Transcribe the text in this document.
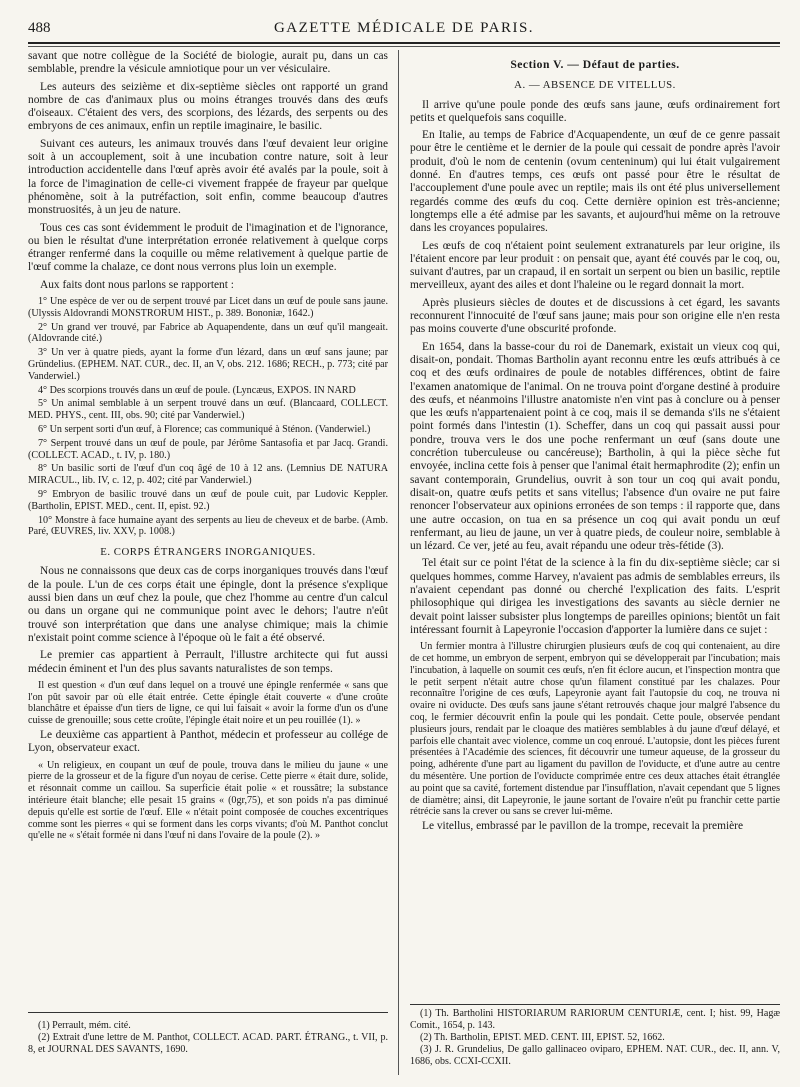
488	GAZETTE MÉDICALE DE PARIS.

savant que notre collègue de la Société de biologie, aurait pu, dans un cas semblable, prendre la vésicule amniotique pour un ver vésiculaire.

Les auteurs des seizième et dix-septième siècles ont rapporté un grand nombre de cas d'animaux plus ou moins étranges trouvés dans des œufs d'oiseaux. C'étaient des vers, des scorpions, des lézards, des serpents ou des embryons de ces animaux, enfin un reptile imaginaire, le basilic.

Suivant ces auteurs, les animaux trouvés dans l'œuf devaient leur origine soit à un accouplement, soit à une incubation contre nature, soit à leur introduction accidentelle dans l'œuf après avoir été avalés par la poule, soit à la force de l'imagination de celle-ci vivement frappée de frayeur par quelque phénomène, soit à la putréfaction, soit enfin, comme beaucoup d'autres monstruosités, à un jeu de nature.

Tous ces cas sont évidemment le produit de l'imagination et de l'ignorance, ou bien le résultat d'une interprétation erronée relativement à quelque corps étranger renfermé dans la coquille ou même relativement à quelque partie de l'œuf comme la chalaze, ce dont nous verrons plus loin un exemple.

Aux faits dont nous parlons se rapportent :

1° Une espèce de ver ou de serpent trouvé par Licet dans un œuf de poule sans jaune. (Ulyssis Aldovrandi MONSTRORUM HIST., p. 389. Bononiæ, 1642.)

2° Un grand ver trouvé, par Fabrice ab Aquapendente, dans un œuf qu'il mangeait. (Aldovrande cité.)

3° Un ver à quatre pieds, ayant la forme d'un lézard, dans un œuf sans jaune; par Gründelius. (EPHEM. NAT. CUR., dec. II, an V, obs. 212. 1686; RECH., p. 773; cité par Vanderwiel.)

4° Des scorpions trouvés dans un œuf de poule. (Lyncæus, EXPOS. IN NARD

5° Un animal semblable à un serpent trouvé dans un œuf. (Blancaard, COLLECT. MED. PHYS., cent. III, obs. 90; cité par Vanderwiel.)

6° Un serpent sorti d'un œuf, à Florence; cas communiqué à Sténon. (Vanderwiel.)

7° Serpent trouvé dans un œuf de poule, par Jérôme Santasofia et par Jacq. Grandi. (COLLECT. ACAD., t. IV, p. 180.)

8° Un basilic sorti de l'œuf d'un coq âgé de 10 à 12 ans. (Lemnius DE NATURA MIRACUL., lib. IV, c. 12, p. 402; cité par Vanderwiel.)

9° Embryon de basilic trouvé dans un œuf de poule cuit, par Ludovic Keppler. (Bartholin, EPIST. MED., cent. II, epist. 92.)

10° Monstre à face humaine ayant des serpents au lieu de cheveux et de barbe. (Amb. Paré, ŒUVRES, liv. XXV, p. 1008.)

E. CORPS ÉTRANGERS INORGANIQUES.

Nous ne connaissons que deux cas de corps inorganiques trouvés dans l'œuf de la poule. L'un de ces corps était une épingle, dont la présence s'explique aussi bien dans un œuf chez la poule, que chez l'homme au centre d'un calcul ou dans un organe qui ne communique point avec le dehors; l'autre n'eût trouvé son interprétation que dans une analyse chimique; mais la chimie n'existait point comme science à l'époque où le fait a été observé.

Le premier cas appartient à Perrault, l'illustre architecte qui fut aussi médecin éminent et l'un des plus savants naturalistes de son temps.

Il est question « d'un œuf dans lequel on a trouvé une épingle renfermée « sans que l'on pût savoir par où elle était entrée. Cette épingle était couverte « d'une croûte blanchâtre et épaisse d'un tiers de ligne, ce qui lui faisait « avoir la forme d'un os d'une cuisse de grenouille; sous cette croûte, l'épingle était noire et un peu rouillée (1). »

Le deuxième cas appartient à Panthot, médecin et professeur au collége de Lyon, observateur exact.

« Un religieux, en coupant un œuf de poule, trouva dans le milieu du jaune « une pierre de la grosseur et de la figure d'un noyau de cerise. Cette pierre « était dure, solide, et résonnait comme un caillou. Sa superficie était polie « et roussâtre; la substance intérieure était blanche; elle pesait 15 grains « (0gr,75), et son poids n'a pas diminué depuis qu'elle est sortie de l'œuf. Elle « n'était point composée de couches excentriques comme sont les pierres « qui se forment dans les corps vivants; d'où M. Panthot conclut qu'elle ne « s'était formée ni dans l'œuf ni dans l'ovaire de la poule (2). »

Section V. — Défaut de parties.
A. — ABSENCE DE VITELLUS.

Il arrive qu'une poule ponde des œufs sans jaune, œufs ordinairement fort petits et quelquefois sans coquille.

En Italie, au temps de Fabrice d'Acquapendente, un œuf de ce genre passait pour être le centième et le dernier de la poule qui cessait de pondre après l'avoir produit, d'où le nom de centenin (ovum centeninum) qui lui était vulgairement donné. En d'autres temps, ces œufs ont passé pour être le résultat de l'accouplement d'une poule avec un reptile; mais ils ont été plus universellement regardés comme des œufs du coq. Cette dernière opinion est très-ancienne; longtemps elle a été admise par les savants, et aujourd'hui même on la retrouve dans les croyances populaires.

Les œufs de coq n'étaient point seulement extranaturels par leur origine, ils l'étaient encore par leur produit : on pensait que, ayant été couvés par le coq, ou, suivant d'autres, par un crapaud, il en sortait un serpent ou bien un basilic, reptile merveilleux, ayant des ailes et dont l'haleine ou le regard donnait la mort.

Après plusieurs siècles de doutes et de discussions à cet égard, les savants reconnurent l'innocuité de l'œuf sans jaune; mais pour son origine elle n'en resta pas moins couverte d'une obscurité profonde.

En 1654, dans la basse-cour du roi de Danemark, existait un vieux coq qui, disait-on, pondait. Thomas Bartholin ayant reconnu entre les œufs attribués à ce coq et des œufs ordinaires de poule de notables différences, obtint de faire l'examen anatomique de l'animal. On ne trouva point d'organe destiné à produire des œufs, et néanmoins l'illustre anatomiste n'en vint pas à conclure ou à penser que les œufs n'appartenaient point à ce coq, mais il se demanda s'ils ne s'étaient point formés dans l'intestin (1). Scheffer, dans un coq qui passait aussi pour pondre, trouva vers le dos une poche renfermant un œuf (sans doute une concrétion tuberculeuse ou cancéreuse); Bartholin, à qui la pièce sèche fut envoyée, inclina cette fois à penser que l'animal était hermaphrodite (2); enfin un savant contemporain, Grundelius, ouvrit à son tour un coq qui avait pondu, disait-on, quatre œufs petits et sans vitellus; l'absence d'un ovaire ne put faire renoncer l'observateur aux opinions erronées de son temps : il rapporte que, dans une autre occasion, on tua en sa présence un coq qui avait pondu un œuf renfermant, au lieu de jaune, un ver à quatre pieds, de couleur noire, semblable à un lézard. Ce ver, jeté au feu, avait répandu une odeur très-fétide (3).

Tel était sur ce point l'état de la science à la fin du dix-septième siècle; car si quelques hommes, comme Harvey, n'avaient pas admis de semblables erreurs, ils n'avaient cependant pas donné ou cherché l'explication des faits. L'esprit philosophique qui dirigea les investigations des savants au siècle dernier ne devait point laisser subsister plus longtemps de pareilles opinions; bientôt un fait intéressant fournit à Lapeyronie l'occasion d'apporter la lumière dans ce sujet :

Un fermier montra à l'illustre chirurgien plusieurs œufs de coq qui contenaient, au dire de cet homme, un embryon de serpent, embryon qui se développerait par l'incubation; mais l'incubation, à laquelle on soumit ces œufs, n'en fit éclore aucun, et l'inspection montra que le petit serpent n'était autre chose qu'un filament constitué par les chalazes. Pour reconnaître l'origine de ces œufs, Lapeyronie ayant fait l'autopsie du coq, ne trouva ni ovaire ni oviducte. Des œufs sans jaune s'étant retrouvés chaque jour malgré l'absence du coq, le fermier découvrit enfin la poule qui les pondait. Cette poule, observée pendant plusieurs jours, rendait par le cloaque des matières semblables à du jaune d'œuf délayé, et parfois elle chantait avec violence, comme un coq enroué. L'autopsie, dont les pièces furent présentées à l'Académie des sciences, fit découvrir une tumeur aqueuse, de la grosseur du poing, adhérente d'une part au ligament du pavillon de l'oviducte, et d'une autre au centre du mésentère. Une portion de l'oviducte comprimée entre ces deux attaches était étranglée au point que sa cavité, fortement distendue par l'insufflation, n'avait cependant que 5 lignes de diamètre; ainsi, dit Lapeyronie, le jaune sortant de l'ovaire n'eût pu franchir cette partie rétrécie sans la crever ou sans se crever lui-même.

Le vitellus, embrassé par le pavillon de la trompe, recevait la première

(1) Perrault, mém. cité.
(2) Extrait d'une lettre de M. Panthot, COLLECT. ACAD. PART. ÉTRANG., t. VII, p. 8, et JOURNAL DES SAVANTS, 1690.
(1) Th. Bartholini HISTORIARUM RARIORUM CENTURIÆ, cent. I; hist. 99, Hagæ Comit., 1654, p. 143.
(2) Th. Bartholin, EPIST. MED. CENT. III, EPIST. 52, 1662.
(3) J. R. Grundelius, De gallo gallinaceo oviparo, EPHEM. NAT. CUR., dec. II, ann. V, 1686, obs. CCXI-CCXII.
